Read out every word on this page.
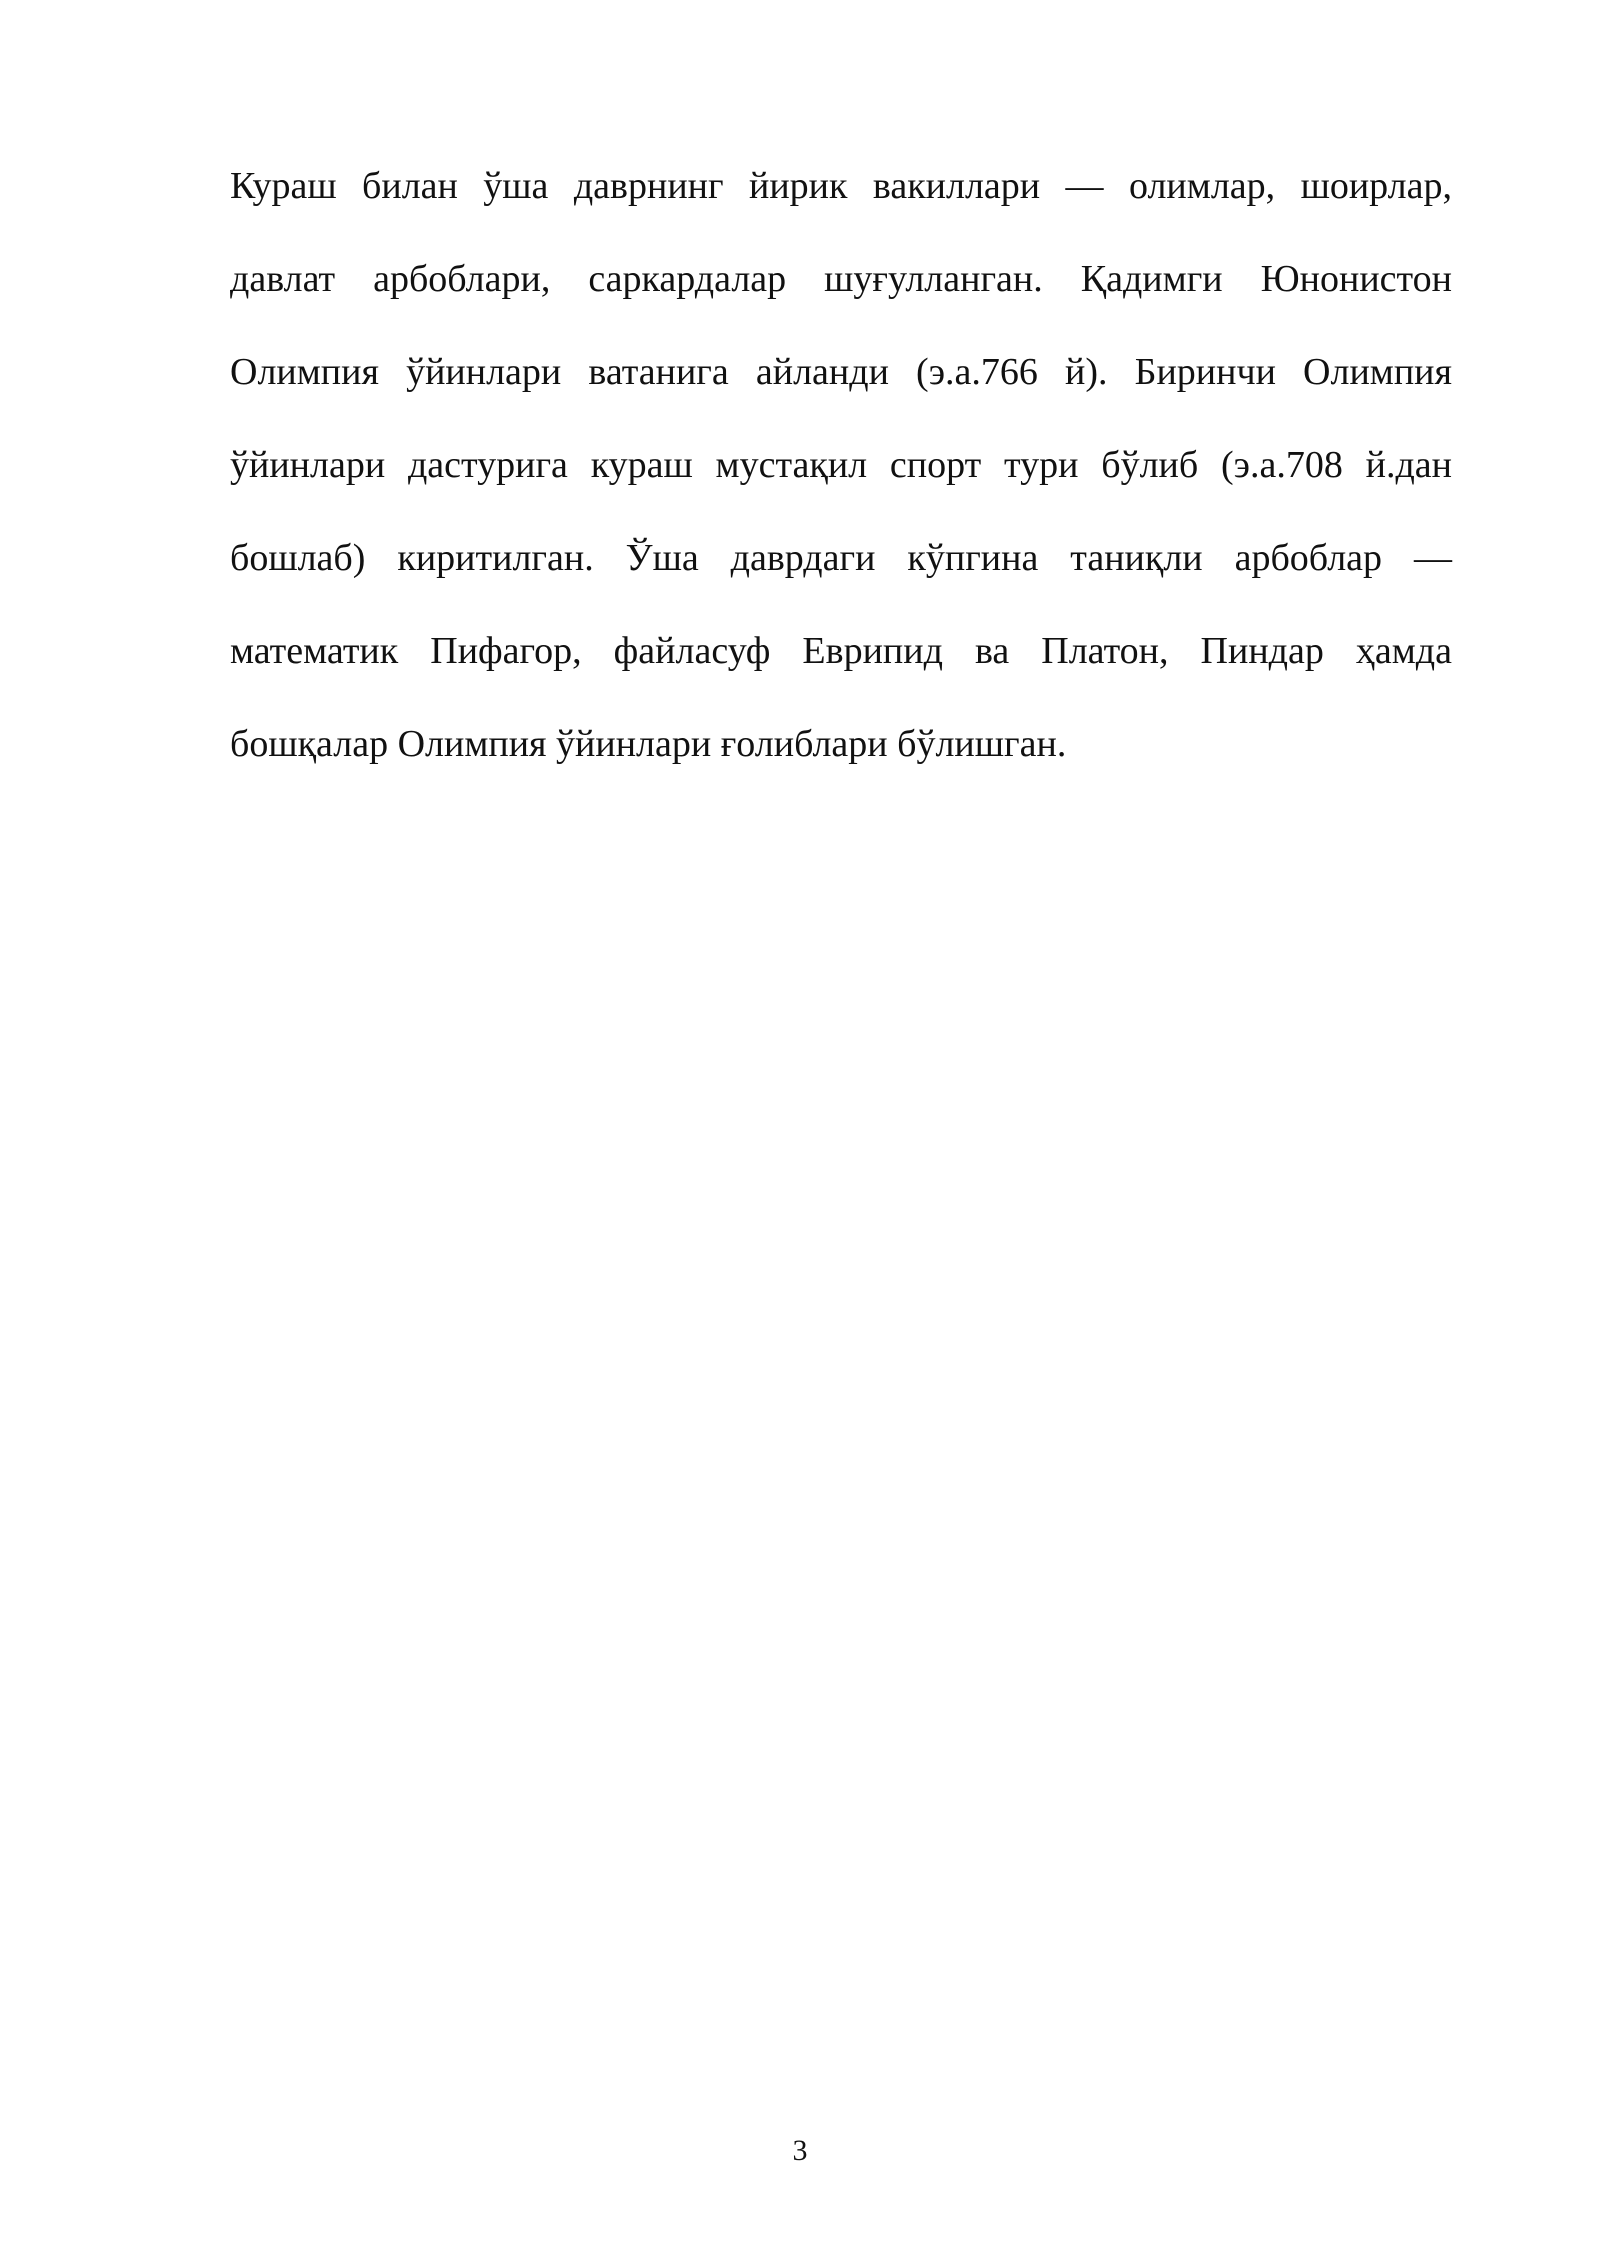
Кураш билан ўша даврнинг йирик вакиллари — олимлар, шоирлар,
давлат арбоблари, саркардалар шуғулланган. Қадимги Юнонистон
Олимпия ўйинлари ватанига айланди (э.а.766 й). Биринчи Олимпия
ўйинлари дастурига кураш мустақил спорт тури бўлиб (э.а.708 й.дан
бошлаб) киритилган. Ўша даврдаги кўпгина таниқли арбоблар —
математик Пифагор, файласуф Еврипид ва Платон, Пиндар ҳамда
бошқалар Олимпия ўйинлари ғолиблари бўлишган.

3
